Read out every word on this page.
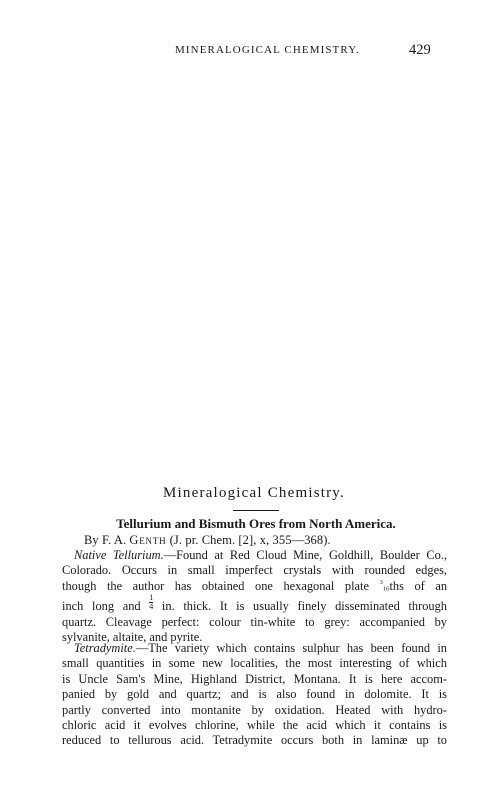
MINERALOGICAL CHEMISTRY.	429
Mineralogical Chemistry.
Tellurium and Bismuth Ores from North America.
By F. A. Genth (J. pr. Chem. [2], x, 355—368).
Native Tellurium.—Found at Red Cloud Mine, Goldhill, Boulder Co.,
Colorado. Occurs in small imperfect crystals with rounded edges,
though the author has obtained one hexagonal plate $^3_{16}$ths of an
inch long and $\frac{1}{4}$ in. thick. It is usually finely disseminated through
quartz. Cleavage perfect: colour tin-white to grey: accompanied by
sylvanite, altaite, and pyrite.
Tetradymite.—The variety which contains sulphur has been found in
small quantities in some new localities, the most interesting of which
is Uncle Sam's Mine, Highland District, Montana. It is here accom-
panied by gold and quartz; and is also found in dolomite. It is
partly converted into montanite by oxidation. Heated with hydro-
chloric acid it evolves chlorine, while the acid which it contains is
reduced to tellurous acid. Tetradymite occurs both in laminæ up to
